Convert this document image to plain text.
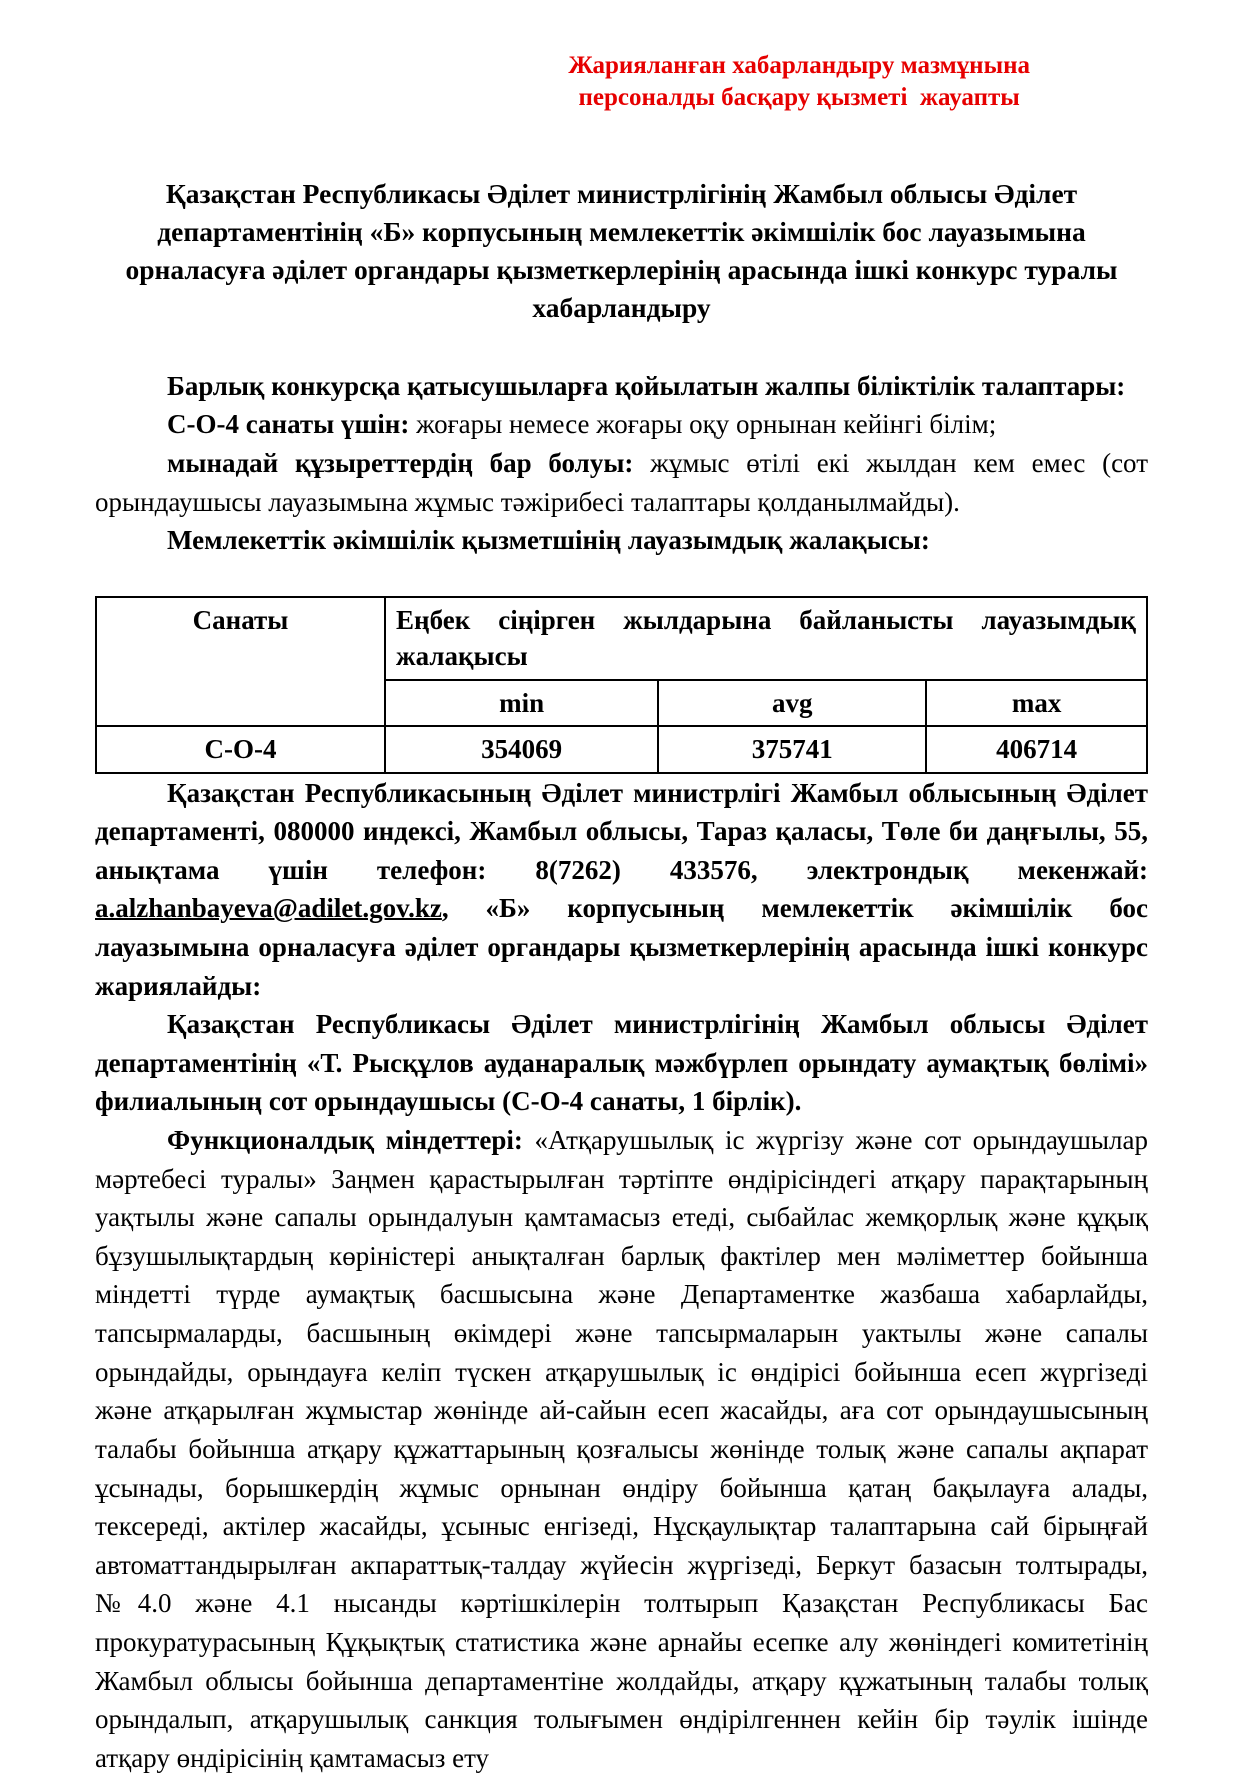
Жарияланған хабарландыру мазмұнына
персоналды басқару қызметі  жауапты
Қазақстан Республикасы Әділет министрлігінің Жамбыл облысы Әділет департаментінің «Б» корпусының мемлекеттік әкімшілік бос лауазымына орналасуға әділет органдары қызметкерлерінің арасында ішкі конкурс туралы хабарландыру

Барлық конкурсқа қатысушыларға қойылатын жалпы біліктілік талаптары:

С-О-4 санаты үшін: жоғары немесе жоғары оқу орнынан кейінгі білім;

мынадай құзыреттердің бар болуы: жұмыс өтілі екі жылдан кем емес (сот орындаушысы лауазымына жұмыс тәжірибесі талаптары қолданылмайды).

Мемлекеттік әкімшілік қызметшінің лауазымдық жалақысы:

Санаты	Еңбек сіңірген жылдарына байланысты лауазымдық жалақысы		
	min	avg	max
С-О-4	354069	375741	406714

Қазақстан Республикасының Әділет министрлігі Жамбыл облысының Әділет департаменті, 080000 индексі, Жамбыл облысы, Тараз қаласы, Төле би даңғылы, 55, анықтама үшін телефон: 8(7262) 433576, электрондық мекенжай: a.alzhanbayeva@adilet.gov.kz, «Б» корпусының мемлекеттік әкімшілік бос лауазымына орналасуға әділет органдары қызметкерлерінің арасында ішкі конкурс жариялайды:

Қазақстан Республикасы Әділет министрлігінің Жамбыл облысы Әділет департаментінің «Т. Рысқұлов ауданаралық мәжбүрлеп орындату аумақтық бөлімі» филиалының сот орындаушысы (С-О-4 санаты, 1 бірлік).

Функционалдық міндеттері: «Атқарушылық іс жүргізу және сот орындаушылар мәртебесі туралы» Заңмен қарастырылған тәртіпте өндірісіндегі атқару парақтарының уақтылы және сапалы орындалуын қамтамасыз етеді, сыбайлас жемқорлық және құқық бұзушылықтардың көріністері анықталған барлық фактілер мен мәліметтер бойынша міндетті түрде аумақтық басшысына және Департаментке жазбаша хабарлайды, тапсырмаларды, басшының өкімдері және тапсырмаларын уактылы және сапалы орындайды, орындауға келіп түскен атқарушылық іс өндірісі бойынша есеп жүргізеді және атқарылған жұмыстар жөнінде ай-сайын есеп жасайды, аға сот орындаушысының талабы бойынша атқару құжаттарының қозғалысы жөнінде толық және сапалы ақпарат ұсынады, борышкердің жұмыс орнынан өндіру бойынша қатаң бақылауға алады, тексереді, актілер жасайды, ұсыныс енгізеді, Нұсқаулықтар талаптарына сай бірыңғай автоматтандырылған акпараттық-талдау жүйесін жүргізеді, Беркут базасын толтырады, №4.0 және 4.1 нысанды кәртішкілерін толтырып Қазақстан Республикасы Бас прокуратурасының Құқықтық статистика және арнайы есепке алу жөніндегі комитетінің Жамбыл облысы бойынша департаментіне жолдайды, атқару құжатының талабы толық орындалып, атқарушылық санкция толығымен өндірілгеннен кейін бір тәулік ішінде атқару өндірісінің қамтамасыз ету
